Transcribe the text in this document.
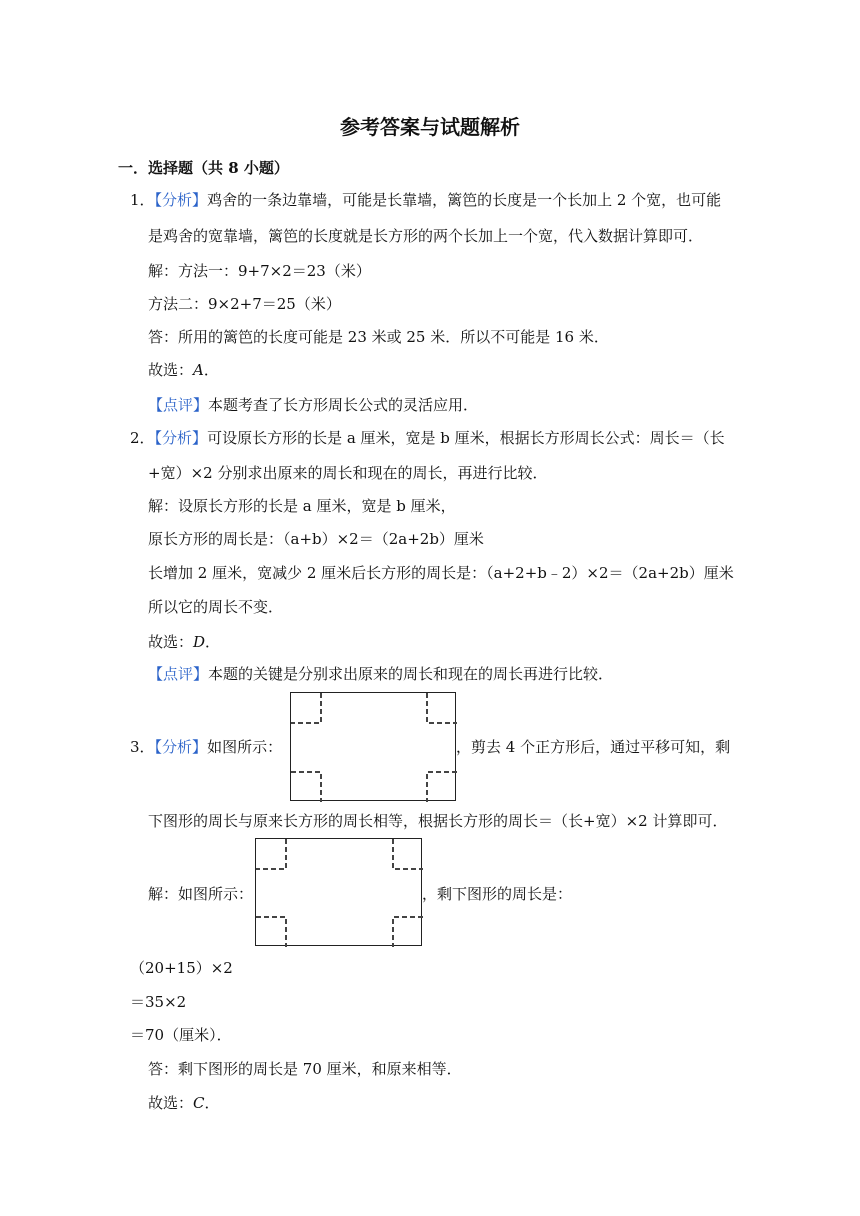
参考答案与试题解析
一．选择题（共 8 小题）
1．【分析】鸡舍的一条边靠墙，可能是长靠墙，篱笆的长度是一个长加上 2 个宽，也可能
是鸡舍的宽靠墙，篱笆的长度就是长方形的两个长加上一个宽，代入数据计算即可．
解：方法一：9+7×2＝23（米）
方法二：9×2+7＝25（米）
答：所用的篱笆的长度可能是 23 米或 25 米．所以不可能是 16 米．
故选：A．
【点评】本题考查了长方形周长公式的灵活应用．
2．【分析】可设原长方形的长是 a 厘米，宽是 b 厘米，根据长方形周长公式：周长＝（长
+宽）×2 分别求出原来的周长和现在的周长，再进行比较．
解：设原长方形的长是 a 厘米，宽是 b 厘米，
原长方形的周长是：（a+b）×2＝（2a+2b）厘米
长增加 2 厘米，宽减少 2 厘米后长方形的周长是：（a+2+b﹣2）×2＝（2a+2b）厘米
所以它的周长不变．
故选：D．
【点评】本题的关键是分别求出原来的周长和现在的周长再进行比较．
3．【分析】如图所示：	，剪去 4 个正方形后，通过平移可知，剩
下图形的周长与原来长方形的周长相等，根据长方形的周长＝（长+宽）×2 计算即可．
解：如图所示：	，剩下图形的周长是：
（20+15）×2
＝35×2
＝70（厘米）．
答：剩下图形的周长是 70 厘米，和原来相等．
故选：C．
